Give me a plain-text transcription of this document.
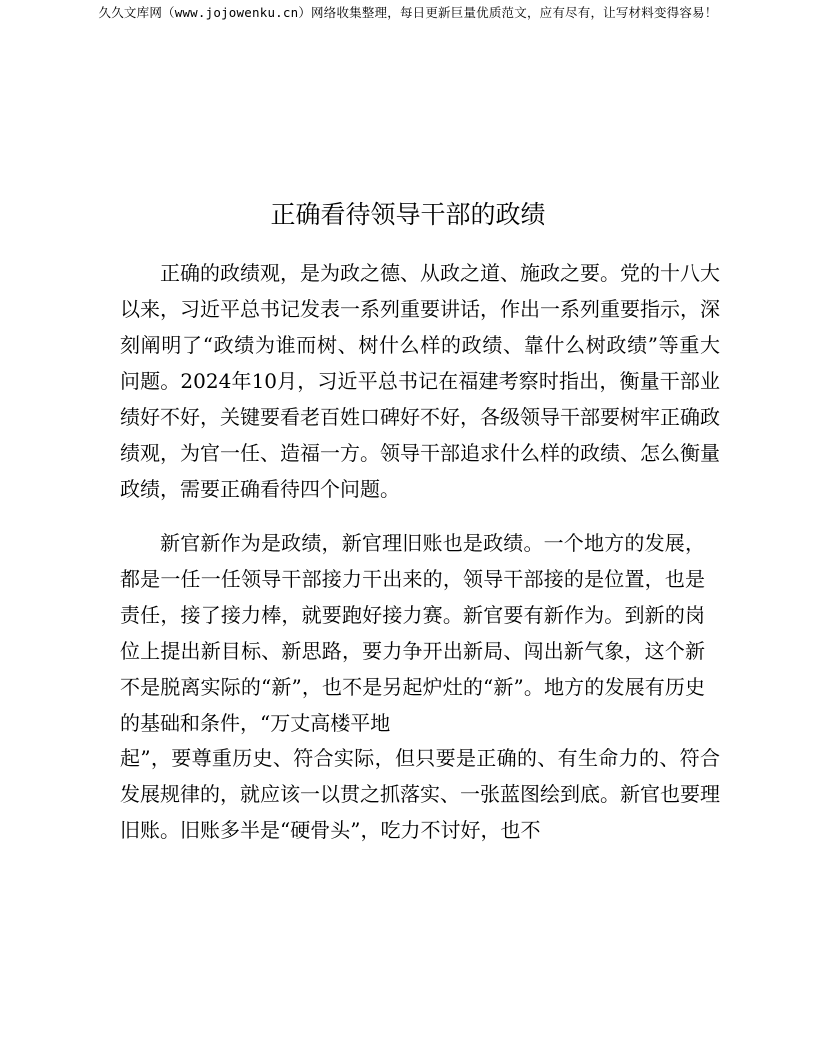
久久文库网（www.jojowenku.cn）网络收集整理，每日更新巨量优质范文，应有尽有，让写材料变得容易！
正确看待领导干部的政绩

正确的政绩观，是为政之德、从政之道、施政之要。党的十八大以来，习近平总书记发表一系列重要讲话，作出一系列重要指示，深刻阐明了“政绩为谁而树、树什么样的政绩、靠什么树政绩”等重大问题。2024年10月，习近平总书记在福建考察时指出，衡量干部业绩好不好，关键要看老百姓口碑好不好，各级领导干部要树牢正确政绩观，为官一任、造福一方。领导干部追求什么样的政绩、怎么衡量政绩，需要正确看待四个问题。

新官新作为是政绩，新官理旧账也是政绩。一个地方的发展，都是一任一任领导干部接力干出来的，领导干部接的是位置，也是责任，接了接力棒，就要跑好接力赛。新官要有新作为。到新的岗位上提出新目标、新思路，要力争开出新局、闯出新气象，这个新不是脱离实际的“新”，也不是另起炉灶的“新”。地方的发展有历史的基础和条件，“万丈高楼平地

起”，要尊重历史、符合实际，但只要是正确的、有生命力的、符合发展规律的，就应该一以贯之抓落实、一张蓝图绘到底。新官也要理旧账。旧账多半是“硬骨头”，吃力不讨好，也不
